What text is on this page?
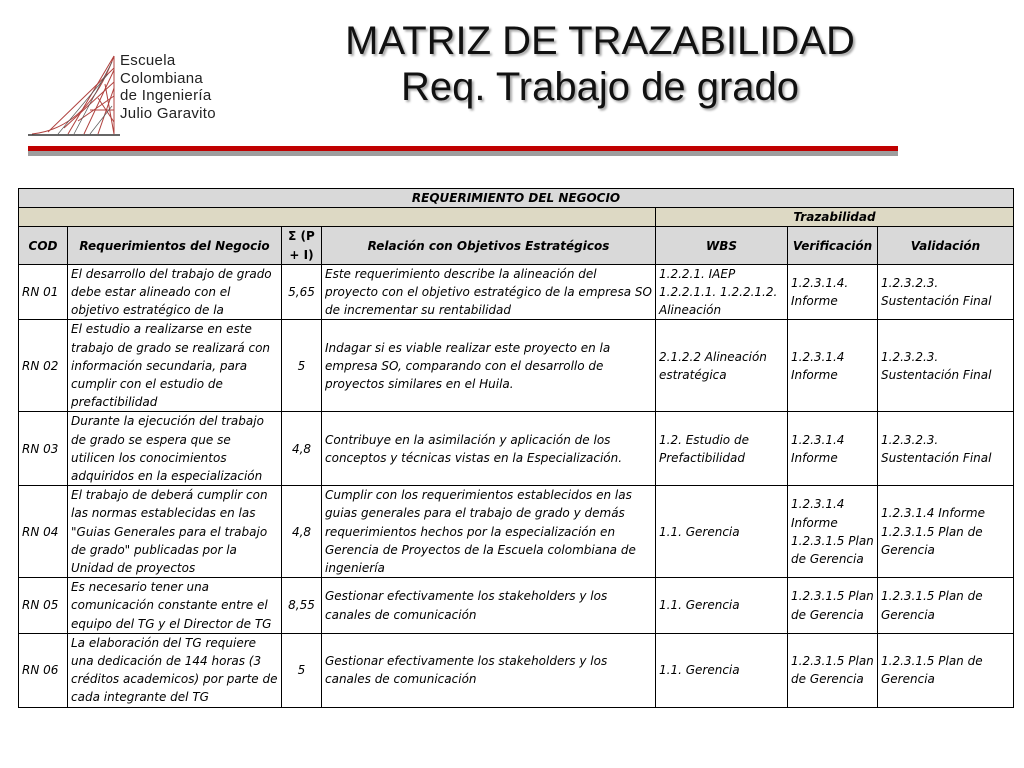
Escuela
Colombiana
de Ingeniería
Julio Garavito
MATRIZ DE TRAZABILIDAD
Req. Trabajo de grado
REQUERIMIENTO DEL NEGOCIO						
				Trazabilidad		
COD	Requerimientos del Negocio	Σ (P + I)	Relación con Objetivos Estratégicos	WBS	Verificación	Validación
RN 01	El desarrollo del trabajo de grado debe estar alineado con el objetivo estratégico de la	5,65	Este requerimiento describe la alineación del proyecto con el objetivo estratégico de la empresa SO de incrementar su rentabilidad	1.2.2.1. IAEP 1.2.2.1.1. 1.2.2.1.2. Alineación	1.2.3.1.4. Informe	1.2.3.2.3. Sustentación Final
RN 02	El estudio a realizarse en este trabajo de grado se realizará con información secundaria, para cumplir con el estudio de prefactibilidad	5	Indagar si es viable realizar este proyecto en la empresa SO, comparando con el desarrollo de proyectos similares en el Huila.	2.1.2.2 Alineación estratégica	1.2.3.1.4 Informe	1.2.3.2.3. Sustentación Final
RN 03	Durante la ejecución del trabajo de grado se espera que se utilicen los conocimientos adquiridos en la especialización	4,8	Contribuye en la asimilación y aplicación de los conceptos y técnicas vistas en la Especialización.	1.2. Estudio de Prefactibilidad	1.2.3.1.4 Informe	1.2.3.2.3. Sustentación Final
RN 04	El trabajo de deberá cumplir con las normas establecidas en las "Guias Generales para el trabajo de grado" publicadas por la Unidad de proyectos	4,8	Cumplir con los requerimientos establecidos en las guias generales para el trabajo de grado y demás requerimientos hechos por la especialización en Gerencia de Proyectos de la Escuela colombiana de ingeniería	1.1. Gerencia	1.2.3.1.4 Informe 1.2.3.1.5 Plan de Gerencia	1.2.3.1.4 Informe 1.2.3.1.5 Plan de Gerencia
RN 05	Es necesario tener una comunicación constante entre el equipo del TG y el Director de TG	8,55	Gestionar efectivamente los stakeholders y los canales de comunicación	1.1. Gerencia	1.2.3.1.5 Plan de Gerencia	1.2.3.1.5 Plan de Gerencia
RN 06	La elaboración del TG requiere una dedicación de 144 horas (3 créditos academicos) por parte de cada integrante del TG	5	Gestionar efectivamente los stakeholders y los canales de comunicación	1.1. Gerencia	1.2.3.1.5 Plan de Gerencia	1.2.3.1.5 Plan de Gerencia
